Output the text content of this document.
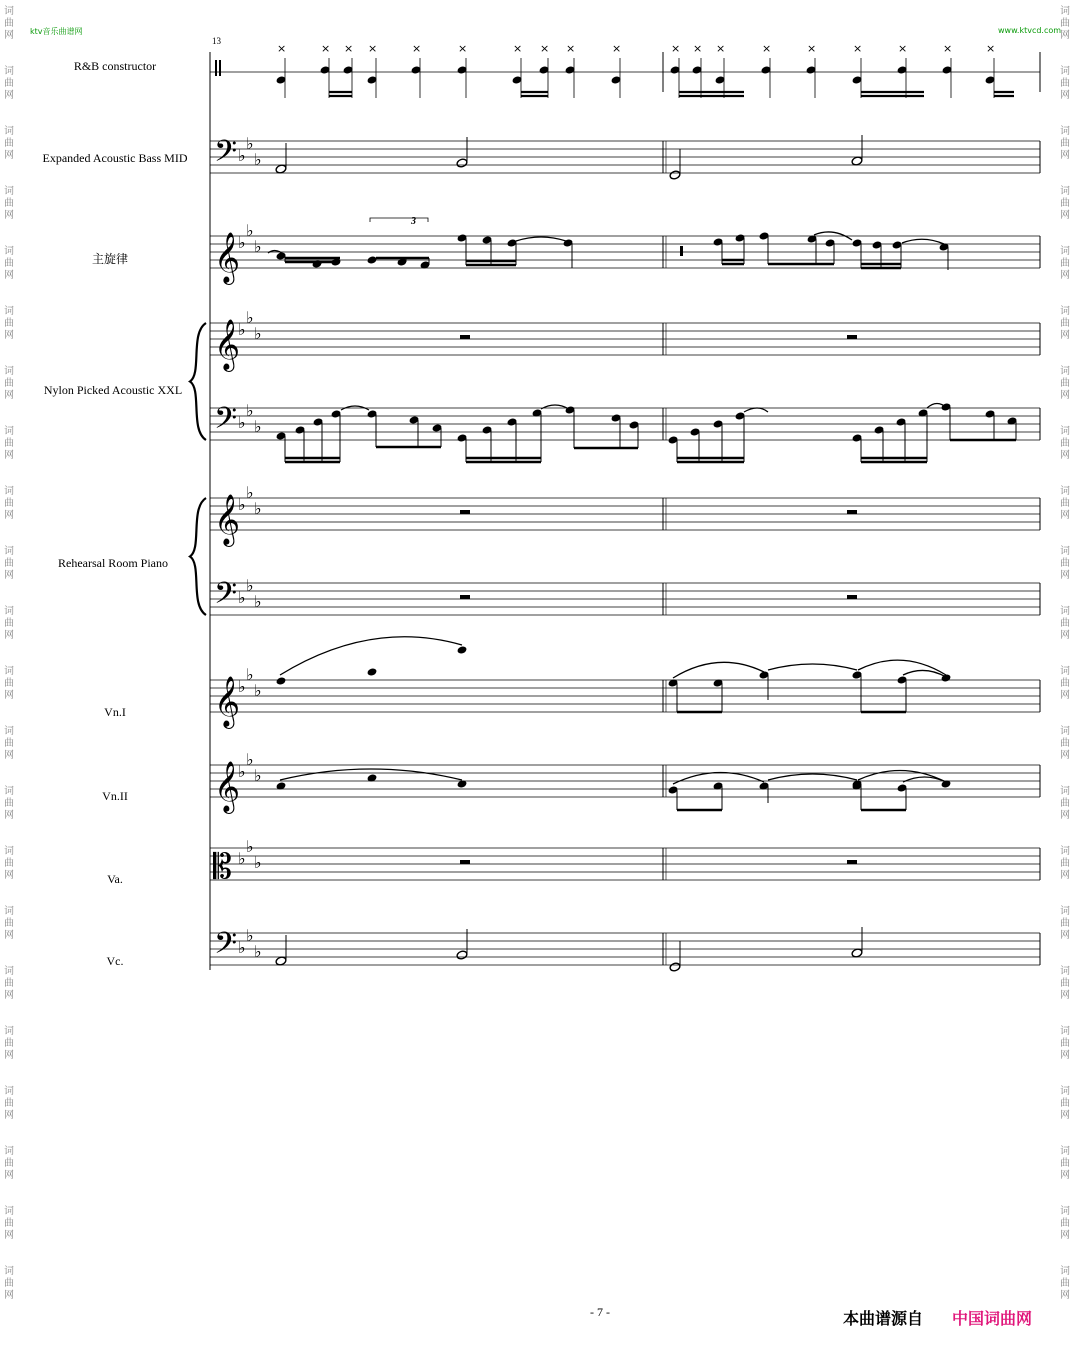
ktv音乐曲谱网	www.ktvcd.com
词
曲
网
词
曲
网
词
曲
网
词
曲
网
词
曲
网
词
曲
网
词
曲
网
词
曲
网
词
曲
网
词
曲
网
词
曲
网
词
曲
网
词
曲
网
词
曲
网
词
曲
网
词
曲
网
词
曲
网
词
曲
网
词
曲
网
词
曲
网
词
曲
网
词
曲
网
词
曲
网
词
曲
网
词
曲
网
词
曲
网
词
曲
网
词
曲
网
词
曲
网
词
曲
网
词
曲
网
词
曲
网
词
曲
网
词
曲
网
词
曲
网
词
曲
网
词
曲
网
词
曲
网
词
曲
网
词
曲
网
词
曲
网
词
曲
网
词
曲
网
词
曲
网
13
R&B constructor
Expanded Acoustic Bass MID
主旋律
Nylon Picked Acoustic XXL
Rehearsal Room Piano
Vn.I
Vn.II
Va.
Vc.
𝄞
𝄞
𝄞
𝄞
𝄞
𝄢
𝄢
𝄢
𝄢
𝄡
♭
♭
♭
♭
♭
♭
♭
♭
♭
♭
♭
♭
♭
♭
♭
♭
♭
♭
♭
♭
♭
♭
♭
♭
♭
♭
♭
♭
♭
♭
×	× × ×	×	×	× × ×	×	× × ×	×	×	×	×	×	×
3
- 7 -	本曲谱源自 中国词曲网
